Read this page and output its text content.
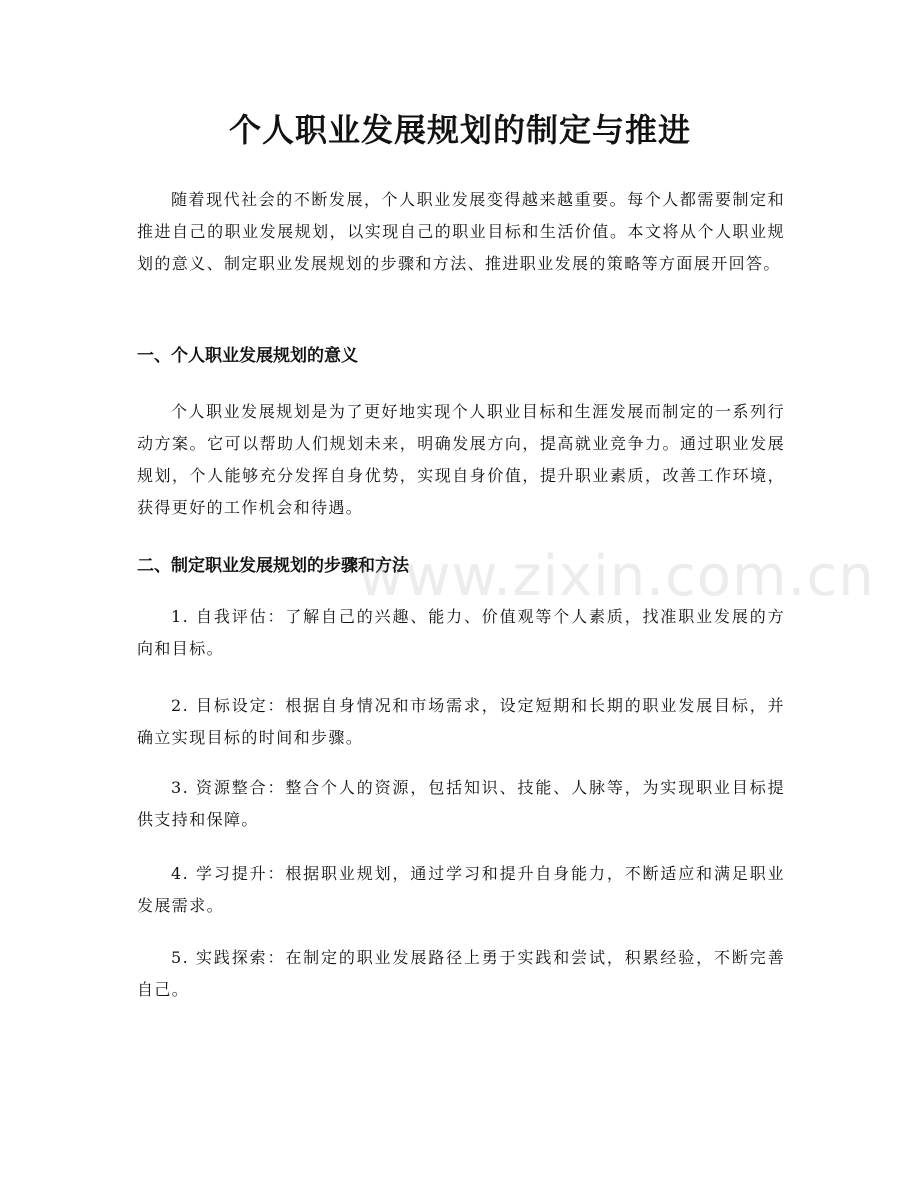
个人职业发展规划的制定与推进

随着现代社会的不断发展，个人职业发展变得越来越重要。每个人都需要制定和推进自己的职业发展规划，以实现自己的职业目标和生活价值。本文将从个人职业规划的意义、制定职业发展规划的步骤和方法、推进职业发展的策略等方面展开回答。

一、个人职业发展规划的意义

个人职业发展规划是为了更好地实现个人职业目标和生涯发展而制定的一系列行动方案。它可以帮助人们规划未来，明确发展方向，提高就业竞争力。通过职业发展规划，个人能够充分发挥自身优势，实现自身价值，提升职业素质，改善工作环境，获得更好的工作机会和待遇。

二、制定职业发展规划的步骤和方法

1. 自我评估：了解自己的兴趣、能力、价值观等个人素质，找准职业发展的方向和目标。

2. 目标设定：根据自身情况和市场需求，设定短期和长期的职业发展目标，并确立实现目标的时间和步骤。

3. 资源整合：整合个人的资源，包括知识、技能、人脉等，为实现职业目标提供支持和保障。

4. 学习提升：根据职业规划，通过学习和提升自身能力，不断适应和满足职业发展需求。

5. 实践探索：在制定的职业发展路径上勇于实践和尝试，积累经验，不断完善自己。

www.zixin.com.cn
